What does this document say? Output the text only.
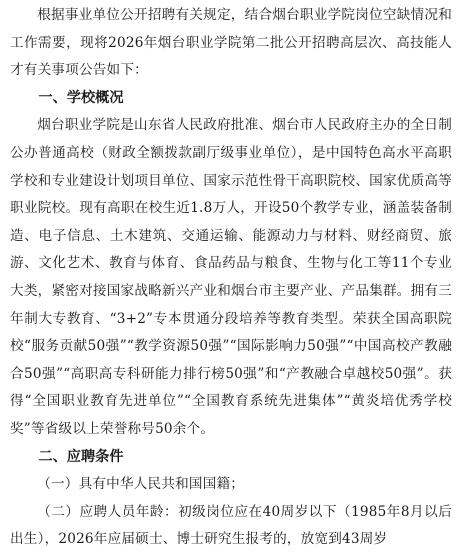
根据事业单位公开招聘有关规定，结合烟台职业学院岗位空缺情况和工作需要，现将2026年烟台职业学院第二批公开招聘高层次、高技能人才有关事项公告如下：

一、学校概况

烟台职业学院是山东省人民政府批准、烟台市人民政府主办的全日制公办普通高校（财政全额拨款副厅级事业单位），是中国特色高水平高职学校和专业建设计划项目单位、国家示范性骨干高职院校、国家优质高等职业院校。现有高职在校生近1.8万人，开设50个教学专业，涵盖装备制造、电子信息、土木建筑、交通运输、能源动力与材料、财经商贸、旅游、文化艺术、教育与体育、食品药品与粮食、生物与化工等11个专业大类，紧密对接国家战略新兴产业和烟台市主要产业、产品集群。拥有三年制大专教育、“3+2”专本贯通分段培养等教育类型。荣获全国高职院校“服务贡献50强”“教学资源50强”“国际影响力50强”“中国高校产教融合50强”“高职高专科研能力排行榜50强”和“产教融合卓越校50强”。获得“全国职业教育先进单位”“全国教育系统先进集体”“黄炎培优秀学校奖”等省级以上荣誉称号50余个。

二、应聘条件

（一）具有中华人民共和国国籍；

（二）应聘人员年龄：初级岗位应在40周岁以下（1985年8月以后出生），2026年应届硕士、博士研究生报考的，放宽到43周岁
